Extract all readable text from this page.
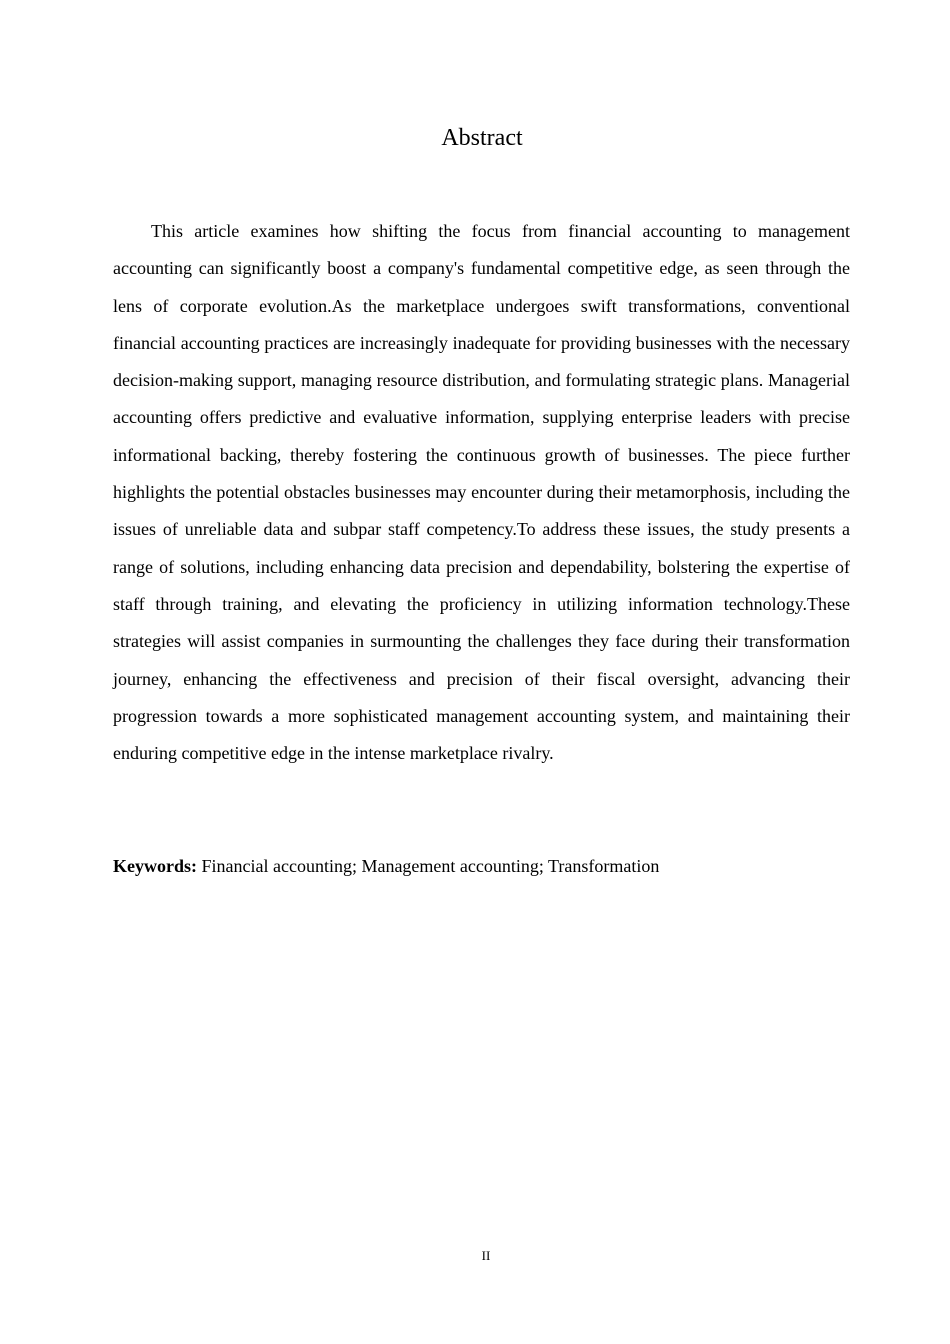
Abstract

This article examines how shifting the focus from financial accounting to management accounting can significantly boost a company's fundamental competitive edge, as seen through the lens of corporate evolution.As the marketplace undergoes swift transformations, conventional financial accounting practices are increasingly inadequate for providing businesses with the necessary decision-making support, managing resource distribution, and formulating strategic plans. Managerial accounting offers predictive and evaluative information, supplying enterprise leaders with precise informational backing, thereby fostering the continuous growth of businesses. The piece further highlights the potential obstacles businesses may encounter during their metamorphosis, including the issues of unreliable data and subpar staff competency.To address these issues, the study presents a range of solutions, including enhancing data precision and dependability, bolstering the expertise of staff through training, and elevating the proficiency in utilizing information technology.These strategies will assist companies in surmounting the challenges they face during their transformation journey, enhancing the effectiveness and precision of their fiscal oversight, advancing their progression towards a more sophisticated management accounting system, and maintaining their enduring competitive edge in the intense marketplace rivalry.

Keywords: Financial accounting; Management accounting; Transformation

II
